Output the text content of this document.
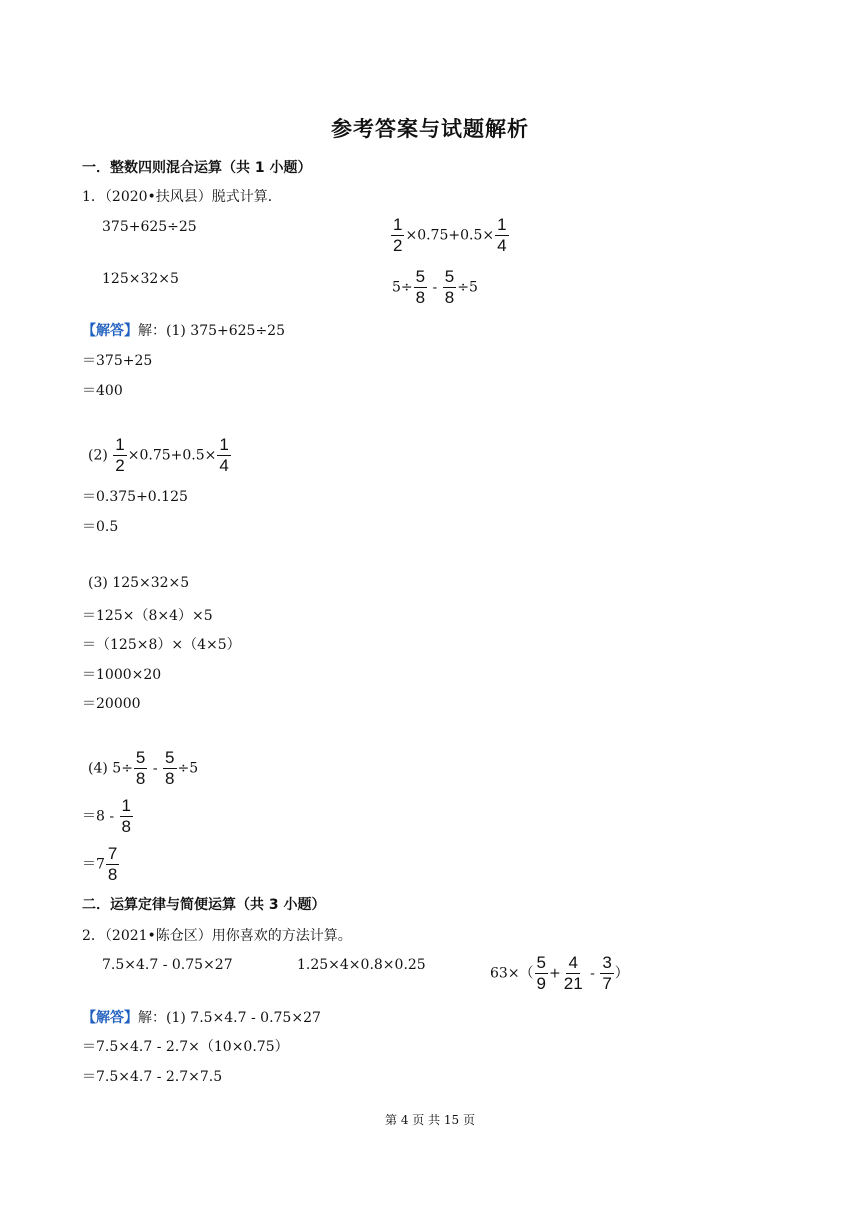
参考答案与试题解析
一．整数四则混合运算（共 1 小题）
1．（2020•扶风县）脱式计算．
375+625÷25	$\frac{1}{2} \times 0.75+0.5\times \frac{1}{4}$
125×32×5
$5\div \frac{5}{8} - \frac{5}{8} \div 5$
【解答】解：(1) 375+625÷25
＝375+25
＝400
$(2) \frac{1}{2} \times 0.75+0.5\times \frac{1}{4}$
＝0.375+0.125
＝0.5
(3) 125×32×5
＝125×（8×4）×5
＝（125×8）×（4×5）
＝1000×20
＝20000
(4) $5\div \frac{5}{8} - \frac{5}{8} \div 5$
$=8 - \frac{1}{8}$
$=7 \frac{7}{8}$
二．运算定律与简便运算（共 3 小题）
2．（2021•陈仓区）用你喜欢的方法计算。
7.5×4.7 - 0.75×27	1.25×4×0.8×0.25
$63\times( \frac{5}{9} + \frac{4}{21} - \frac{3}{7}$ ）
【解答】解：(1) 7.5×4.7 - 0.75×27
＝7.5×4.7 - 2.7×（10×0.75）
＝7.5×4.7 - 2.7×7.5
第 4 页 共 15 页
